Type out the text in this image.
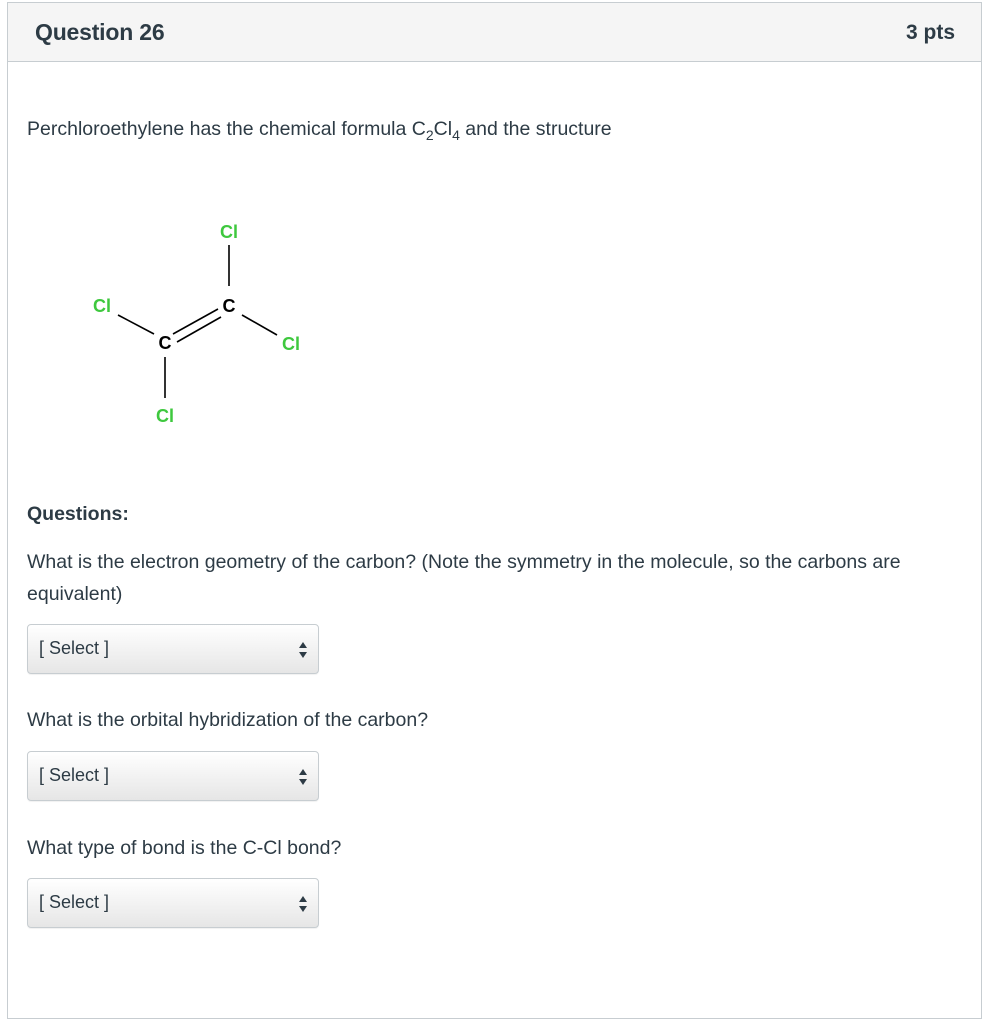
Question 26	3 pts
Perchloroethylene has the chemical formula $C_2Cl_4$ and the structure
Cl
C
Cl
Cl
C
Cl
Questions:
What is the electron geometry of the carbon? (Note the symmetry in the molecule, so the carbons are equivalent)
[ Select ]
What is the orbital hybridization of the carbon?
[ Select ]
What type of bond is the C-Cl bond?
[ Select ]
